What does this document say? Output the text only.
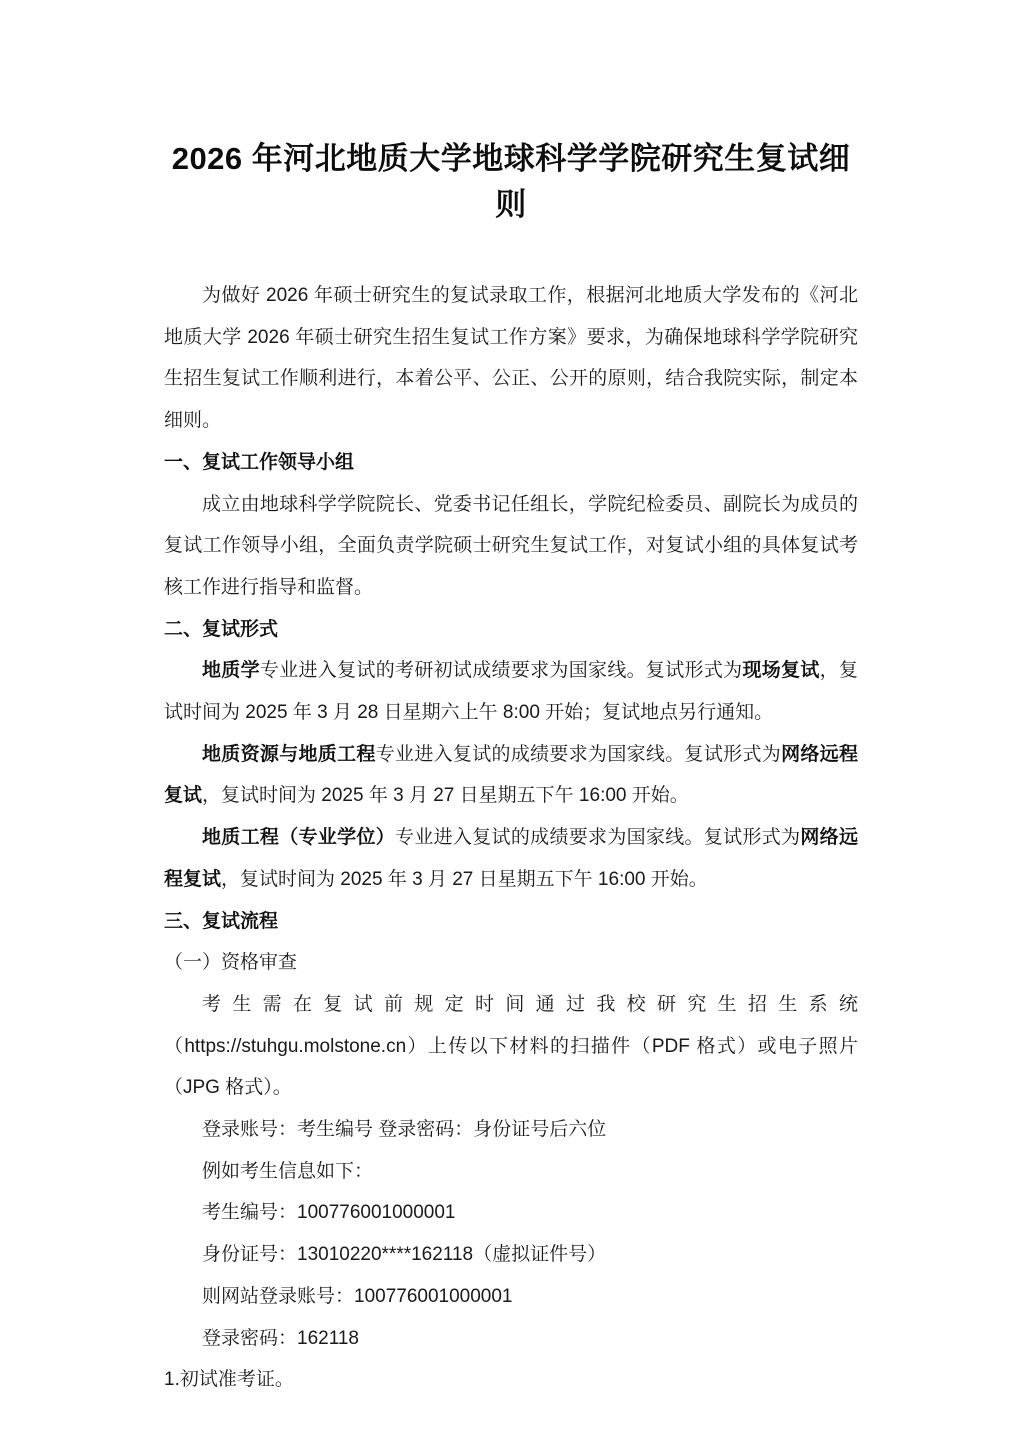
2026 年河北地质大学地球科学学院研究生复试细则

为做好 2026 年硕士研究生的复试录取工作，根据河北地质大学发布的《河北地质大学 2026 年硕士研究生招生复试工作方案》要求，为确保地球科学学院研究生招生复试工作顺利进行，本着公平、公正、公开的原则，结合我院实际，制定本细则。

一、复试工作领导小组

成立由地球科学学院院长、党委书记任组长，学院纪检委员、副院长为成员的复试工作领导小组，全面负责学院硕士研究生复试工作，对复试小组的具体复试考核工作进行指导和监督。

二、复试形式

地质学专业进入复试的考研初试成绩要求为国家线。复试形式为现场复试，复试时间为 2025 年 3 月 28 日星期六上午 8:00 开始；复试地点另行通知。

地质资源与地质工程专业进入复试的成绩要求为国家线。复试形式为网络远程复试，复试时间为 2025 年 3 月 27 日星期五下午 16:00 开始。

地质工程（专业学位）专业进入复试的成绩要求为国家线。复试形式为网络远程复试，复试时间为 2025 年 3 月 27 日星期五下午 16:00 开始。

三、复试流程

（一）资格审查

考生需在复试前规定时间通过我校研究生招生系统（https://stuhgu.molstone.cn）上传以下材料的扫描件（PDF 格式）或电子照片（JPG 格式）。

登录账号：考生编号 登录密码：身份证号后六位

例如考生信息如下：

考生编号：100776001000001

身份证号：13010220****162118（虚拟证件号）

则网站登录账号：100776001000001

登录密码：162118

1.初试准考证。
